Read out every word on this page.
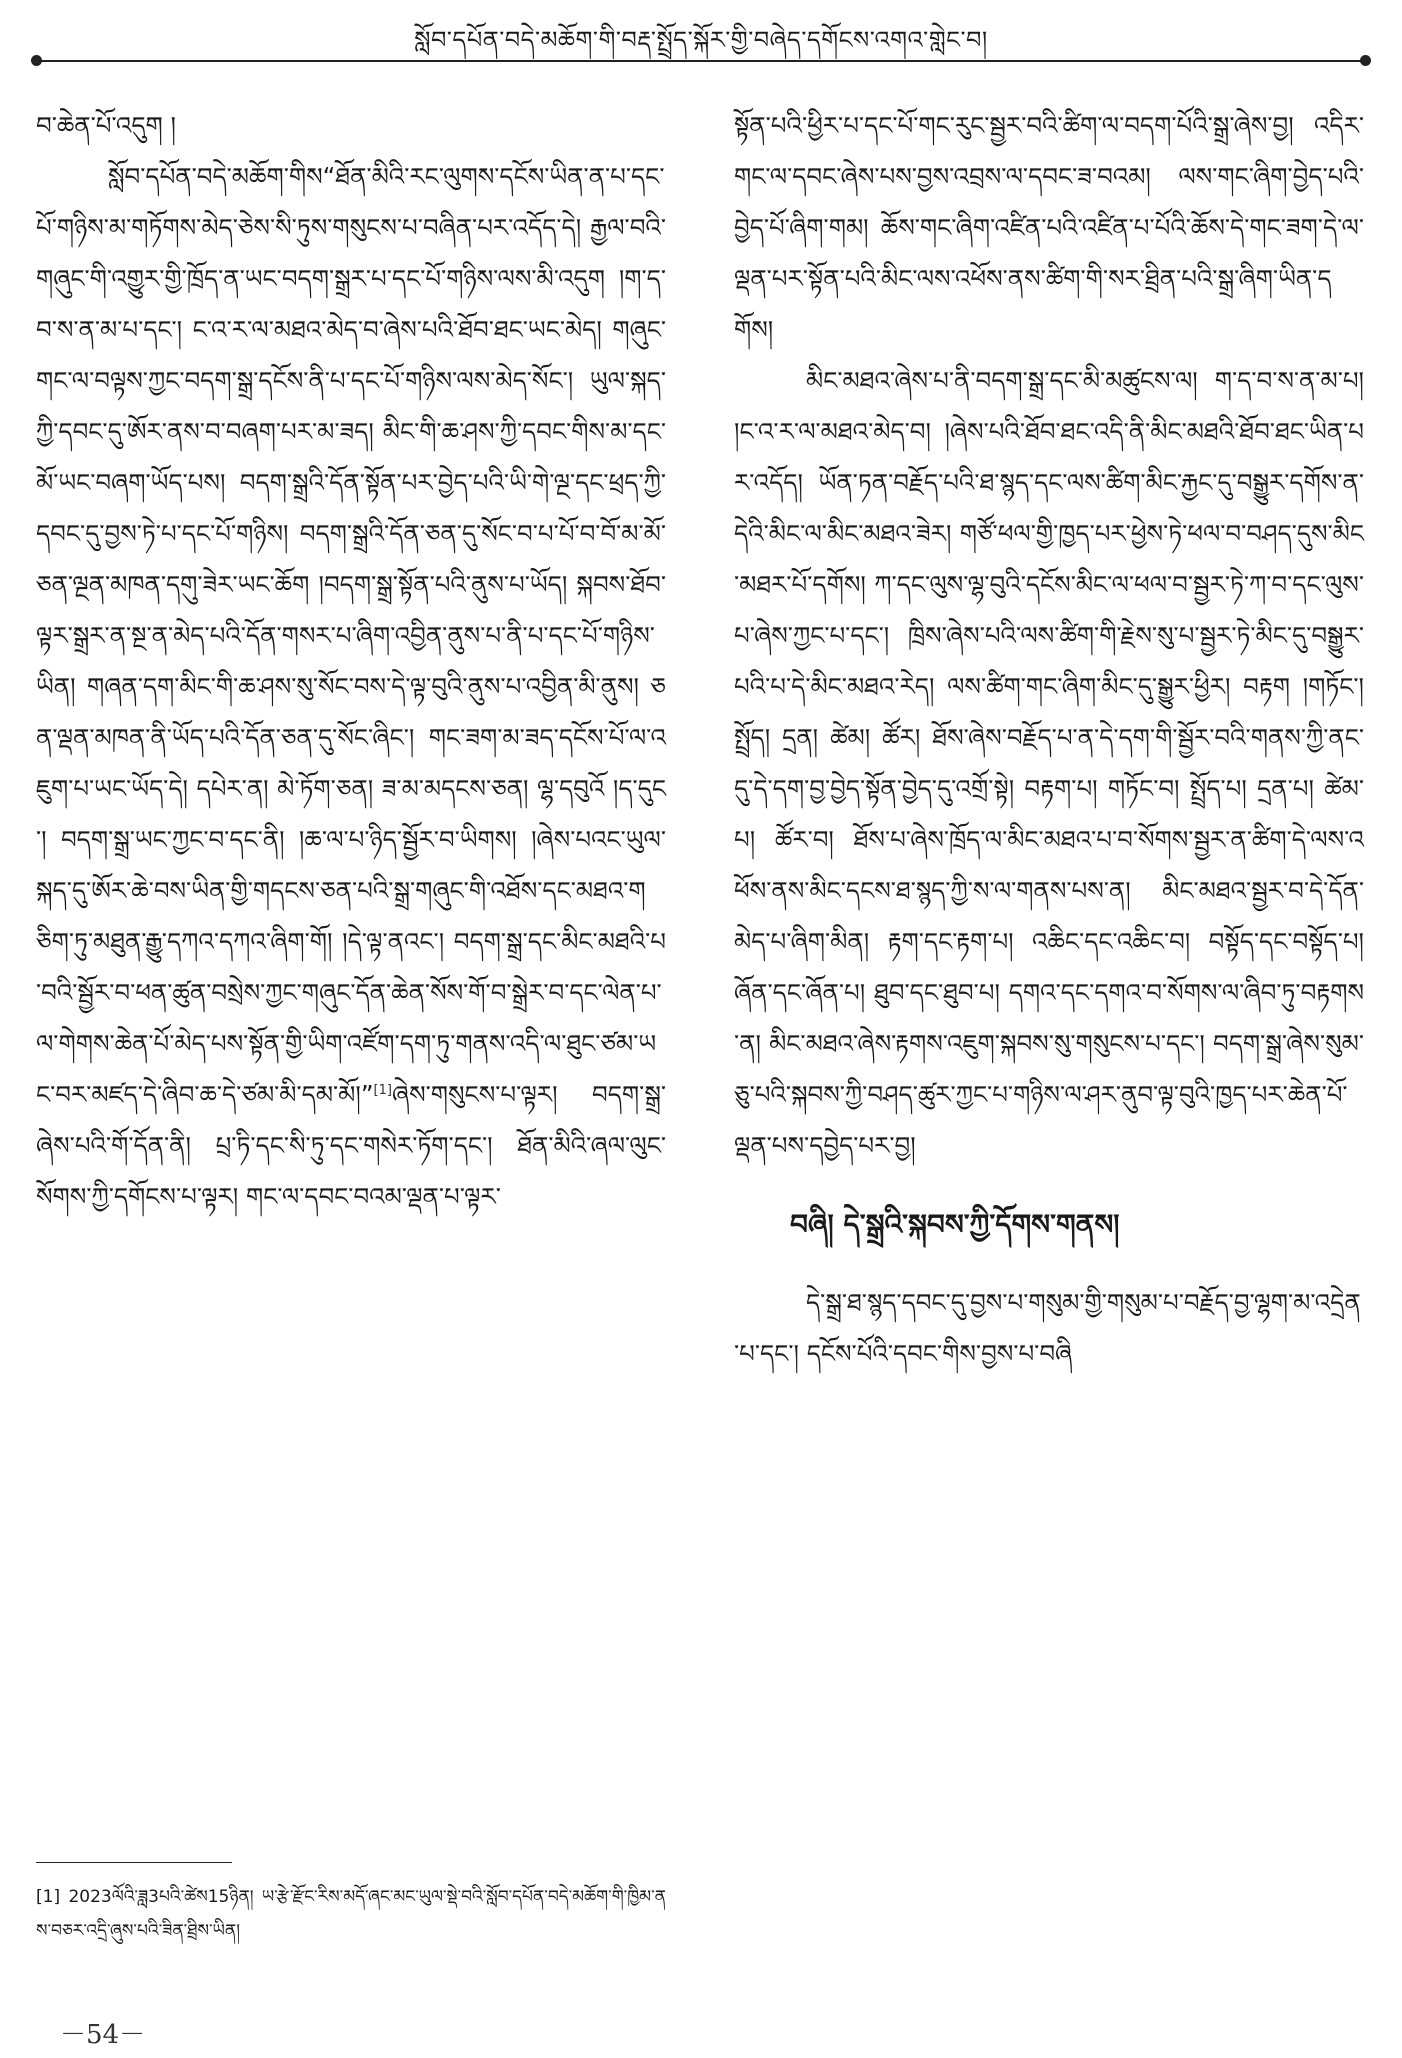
སློབ་དཔོན་བདེ་མཆོག་གི་བརྡ་སྤྲོད་སྐོར་གྱི་བཞེད་དགོངས་འགའ་གླེང་བ།

བ་ཆེན་པོ་འདུག །

སློབ་དཔོན་བདེ་མཆོག་གིས“ཐོན་མིའི་རང་ལུགས་དངོས་ཡིན་ན་པ་དང་པོ་གཉིས་མ་གཏོགས་མེད་ཅེས་སི་ཏུས་གསུངས་པ་བཞིན་པར་འདོད་དེ། རྒྱལ་བའི་གཞུང་གི་འགྱུར་གྱི་ཁྲོད་ན་ཡང་བདག་སྒྲར་པ་དང་པོ་གཉིས་ལས་མི་འདུག །ག་ད་བ་ས་ན་མ་པ་དང་། ང་འ་ར་ལ་མཐའ་མེད་བ་ཞེས་པའི་ཐོབ་ཐང་ཡང་མེད། གཞུང་གང་ལ་བལྟས་ཀྱང་བདག་སྒྲ་དངོས་ནི་པ་དང་པོ་གཉིས་ལས་མེད་སོང་། ཡུལ་སྐད་ཀྱི་དབང་དུ་ཨོར་ནས་བ་བཞག་པར་མ་ཟད། མིང་གི་ཆ་ཤས་ཀྱི་དབང་གིས་མ་དང་མོ་ཡང་བཞག་ཡོད་པས། བདག་སྒྲའི་དོན་སྟོན་པར་བྱེད་པའི་ཡི་གེ་ལྔ་དང་ཕྲད་ཀྱི་དབང་དུ་བྱས་ཏེ་པ་དང་པོ་གཉིས། བདག་སྒྲའི་དོན་ཅན་དུ་སོང་བ་པ་པོ་བ་བོ་མ་མོ་ཅན་ལྔན་མཁན་དགུ་ཟེར་ཡང་ཆོག །བདག་སྒྲ་སྟོན་པའི་ནུས་པ་ཡོད། སྐབས་ཐོབ་ལྟར་སྒྲར་ན་སྔ་ན་མེད་པའི་དོན་གསར་པ་ཞིག་འབྱིན་ནུས་པ་ནི་པ་དང་པོ་གཉིས་ཡིན། གཞན་དག་མིང་གི་ཆ་ཤས་སུ་སོང་བས་དེ་ལྟ་བུའི་ནུས་པ་འབྱིན་མི་ནུས། ཅན་ལྡན་མཁན་ནི་ཡོད་པའི་དོན་ཅན་དུ་སོང་ཞིང་། གང་ཟག་མ་ཟད་དངོས་པོ་ལ་འཇུག་པ་ཡང་ཡོད་དེ། དཔེར་ན། མེ་ཏོག་ཅན། ཟ་མ་མདངས་ཅན། ལྷ་དབུའོ །ད་དུང་། བདག་སྒྲ་ཡང་ཀྱང་བ་དང་ནི། །ཆ་ལ་པ་ཉིད་སྦྱོར་བ་ཡིགས། །ཞེས་པའང་ཡུལ་སྐད་དུ་ཨོར་ཆེ་བས་ཡིན་གྱི་གདངས་ཅན་པའི་སྒྲ་གཞུང་གི་འཐོས་དང་མཐའ་གཅིག་ཏུ་མཐུན་རྒྱུ་དཀའ་དཀའ་ཞིག་གོ། །དེ་ལྟ་ནའང་། བདག་སྒྲ་དང་མིང་མཐའི་པ་བའི་སྦྱོར་བ་ཕན་ཚུན་བསྲེས་ཀྱང་གཞུང་དོན་ཆེན་སོས་གོ་བ་སྒྲེར་བ་དང་ལེན་པ་ལ་གེགས་ཆེན་པོ་མེད་པས་སྟོན་གྱི་ཡིག་འཛོག་དག་ཏུ་གནས་འདི་ལ་ཐུང་ཙམ་ཡང་བར་མཛད་དེ་ཞིབ་ཆ་དེ་ཙམ་མི་དམ་མོ།”[1]ཞེས་གསུངས་པ་ལྟར། བདག་སྒྲ་ཞེས་པའི་གོ་དོན་ནི། པྲ་ཏི་དང་སི་ཏུ་དང་གསེར་ཏོག་དང་། ཐོན་མིའི་ཞལ་ལུང་སོགས་ཀྱི་དགོངས་པ་ལྟར། གང་ལ་དབང་བའམ་ལྡན་པ་ལྟར་

སྟོན་པའི་ཕྱིར་པ་དང་པོ་གང་རུང་སྦྱར་བའི་ཚིག་ལ་བདག་པོའི་སྒྲ་ཞེས་བྱ། འདིར་གང་ལ་དབང་ཞེས་པས་བྱས་འབྲས་ལ་དབང་ཟ་བའམ། ལས་གང་ཞིག་བྱེད་པའི་བྱེད་པོ་ཞིག་གམ། ཆོས་གང་ཞིག་འཛིན་པའི་འཛིན་པ་པོའི་ཆོས་དེ་གང་ཟག་དེ་ལ་ལྡན་པར་སྟོན་པའི་མིང་ལས་འཕོས་ནས་ཚིག་གི་སར་ཐྲིན་པའི་སྒྲ་ཞིག་ཡིན་དགོས།

མིང་མཐའ་ཞེས་པ་ནི་བདག་སྒྲ་དང་མི་མཚུངས་ལ། ག་ད་བ་ས་ན་མ་པ། །ང་འ་ར་ལ་མཐའ་མེད་བ། །ཞེས་པའི་ཐོབ་ཐང་འདི་ནི་མིང་མཐའི་ཐོབ་ཐང་ཡིན་པར་འདོད། ཡོན་ཏན་བརྗོད་པའི་ཐ་སྙད་དང་ལས་ཚིག་མིང་རྐྱང་དུ་བསྒྱུར་དགོས་ན་དེའི་མིང་ལ་མིང་མཐའ་ཟེར། གཙོ་ཕལ་གྱི་ཁྱད་པར་ཕྱེས་ཏེ་ཕལ་བ་བཤད་དུས་མིང་མཐར་པོ་དགོས། ཀ་དང་ལུས་ལྷ་བུའི་དངོས་མིང་ལ་ཕལ་བ་སྦྱར་ཏེ་ཀ་བ་དང་ལུས་པ་ཞེས་ཀྱང་པ་དང་། ཁྲིས་ཞེས་པའི་ལས་ཚིག་གི་རྗེས་སུ་པ་སྦྱར་ཏེ་མིང་དུ་བསྒྱུར་པའི་པ་དེ་མིང་མཐའ་རེད། ལས་ཚིག་གང་ཞིག་མིང་དུ་སྒྱུར་ཕྱིར། བརྟག །གཏོང་། སྤྲོད། དྲན། ཚེམ། ཚོར། ཐོས་ཞེས་བརྗོད་པ་ན་དེ་དག་གི་སྦྱོར་བའི་གནས་ཀྱི་ནང་དུ་དེ་དག་བྱ་བྱེད་སྟོན་བྱེད་དུ་འགྲོ་སྟེ། བརྟག་པ། གཏོང་བ། སྤྲོད་པ། དྲན་པ། ཚེམ་པ། ཚོར་བ། ཐོས་པ་ཞེས་ཁྲོད་ལ་མིང་མཐའ་པ་བ་སོགས་སྦྱར་ན་ཚིག་དེ་ལས་འཕོས་ནས་མིང་དངས་ཐ་སྙད་ཀྱི་ས་ལ་གནས་པས་ན། མིང་མཐའ་སྦྱར་བ་དེ་དོན་མེད་པ་ཞིག་མིན། རྟག་དང་རྟག་པ། འཆིང་དང་འཆིང་བ། བསྟོད་དང་བསྟོད་པ། ཞོན་དང་ཞོན་པ། ཐུབ་དང་ཐུབ་པ། དགའ་དང་དགའ་བ་སོགས་ལ་ཞིབ་ཏུ་བརྟགས་ན། མིང་མཐའ་ཞེས་རྟགས་འཇུག་སྐབས་སུ་གསུངས་པ་དང་། བདག་སྒྲ་ཞེས་སུམ་ཅུ་པའི་སྐབས་ཀྱི་བཤད་ཚུར་ཀྱང་པ་གཉིས་ལ་ཤར་ནུབ་ལྟ་བུའི་ཁྱད་པར་ཆེན་པོ་ལྡན་པས་དབྱེད་པར་བྱ།

བཞི། དེ་སྒྲའི་སྐབས་ཀྱི་དོགས་གནས།

དེ་སྒྲ་ཐ་སྙད་དབང་དུ་བྱས་པ་གསུམ་གྱི་གསུམ་པ་བརྗོད་བྱ་ལྷག་མ་འདྲེན་པ་དང་། དངོས་པོའི་དབང་གིས་བྱས་པ་བཞི

[1] 2023ལོའི་ཟླ3པའི་ཚེས15ཉིན། ཡ་རྩེ་རྫོང་རིས་མདོ་ཞང་མང་ཡུལ་སྡེ་བའི་སློབ་དཔོན་བདེ་མཆོག་གི་ཁྱིམ་ནས་བཅར་འདྲི་ཞུས་པའི་ཟིན་ཐྲིས་ཡིན།
－54－
